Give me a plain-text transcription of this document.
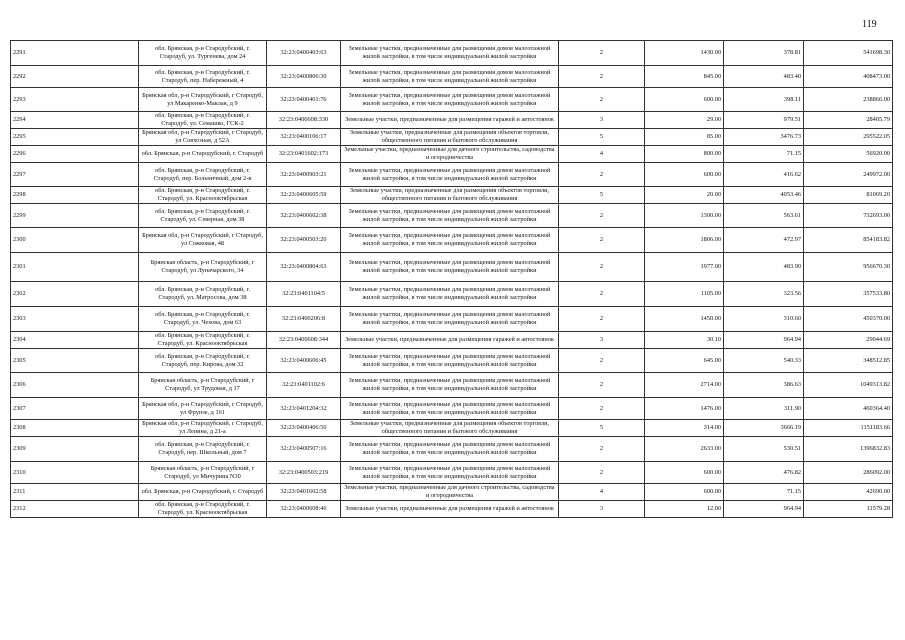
119
2291	обл. Брянская, р-н Стародубский, г. Стародуб, ул. Тургенева, дом 24	32:23:0400403:63	Земельные участки, предназначенные для размещения домов малоэтажной жилой застройки, в том числе индивидуальной жилой застройки	2	1430.00	378.81	541698.30
2292	обл. Брянская, р-н Стародубский, г. Стародуб, пер. Набережный, 4	32:23:0400806:30	Земельные участки, предназначенные для размещения домов малоэтажной жилой застройки, в том числе индивидуальной жилой застройки	2	845.00	483.40	408473.00
2293	Брянская обл, р-н Стародубский, г Стародуб, ул Макаренко-Маклая, д 9	32:23:0400401:76	Земельные участки, предназначенные для размещения домов малоэтажной жилой застройки, в том числе индивидуальной жилой застройки	2	600.00	398.11	238866.00
2294	обл. Брянская, р-н Стародубский, г. Стародуб, ул. Семашко, ГСК-2	32:23:0400608:330	Земельные участки, предназначенные для размещения гаражей и автостоянок	3	29.00	979.51	28405.79
2295	Брянская обл, р-н Стародубский, г Стародуб, ул Совхозная, д 52А	32:23:0400106:17	Земельные участки, предназначенные для размещения объектов торговли, общественного питания и бытового обслуживания	5	85.00	3476.73	295522.05
2296	обл. Брянская, р-н Стародубский, г. Стародуб	32:23:0401602:173	Земельные участки, предназначенные для дачного строительства, садоводства и огородничества	4	800.00	71.15	56920.00
2297	обл. Брянская, р-н Стародубский, г. Стародуб, пер. Больничный, дом 2-в	32:23:0400903:21	Земельные участки, предназначенные для размещения домов малоэтажной жилой застройки, в том числе индивидуальной жилой застройки	2	600.00	416.62	249972.00
2298	обл. Брянская, р-н Стародубский, г. Стародуб, ул. Краснооктябрьская	32:23:0400605:59	Земельные участки, предназначенные для размещения объектов торговли, общественного питания и бытового обслуживания	5	20.00	4053.46	81069.20
2299	обл. Брянская, р-н Стародубский, г. Стародуб, ул. Северная, дом 38	32:23:0400602:38	Земельные участки, предназначенные для размещения домов малоэтажной жилой застройки, в том числе индивидуальной жилой застройки	2	1300.00	563.61	732693.00
2300	Брянская обл, р-н Стародубский, г Стародуб, ул Сожковая, 48	32:23:0400503:20	Земельные участки, предназначенные для размещения домов малоэтажной жилой застройки, в том числе индивидуальной жилой застройки	2	1806.00	472.97	854183.82
2301	Брянская область, р-н Стародубский, г Стародуб, ул Луначарского, 34	32:23:0400804:63	Земельные участки, предназначенные для размещения домов малоэтажной жилой застройки, в том числе индивидуальной жилой застройки	2	1977.00	483.90	956670.30
2302	обл. Брянская, р-н Стародубский, г. Стародуб, ул. Матросова, дом 38	32:23:0401104:5	Земельные участки, предназначенные для размещения домов малоэтажной жилой застройки, в том числе индивидуальной жилой застройки	2	1105.00	323.56	357533.80
2303	обл. Брянская, р-н Стародубский, г. Стародуб, ул. Чехова, дом 63	32:23:0400206:8	Земельные участки, предназначенные для размещения домов малоэтажной жилой застройки, в том числе индивидуальной жилой застройки	2	1450.00	310.60	450370.00
2304	обл. Брянская, р-н Стародубский, г. Стародуб, ул. Краснооктябрьская	32:23:0400608:344	Земельные участки, предназначенные для размещения гаражей и автостоянок	3	30.10	964.94	29044.69
2305	обл. Брянская, р-н Стародубский, г. Стародуб, пер. Кирова, дом 32	32:23:0400606:45	Земельные участки, предназначенные для размещения домов малоэтажной жилой застройки, в том числе индивидуальной жилой застройки	2	645.00	540.33	348512.85
2306	Брянская область, р-н Стародубский, г Стародуб, ул Трудовая, д 17	32:23:0401102:6	Земельные участки, предназначенные для размещения домов малоэтажной жилой застройки, в том числе индивидуальной жилой застройки	2	2714.00	386.63	1049313.82
2307	Брянская обл, р-н Стародубский, г Стародуб, ул Фрунзе, д 161	32:23:0401204:32	Земельные участки, предназначенные для размещения домов малоэтажной жилой застройки, в том числе индивидуальной жилой застройки	2	1476.00	311.90	460364.40
2308	Брянская обл, р-н Стародубский, г Стародуб, ул Ленина, д 21-а	32:23:0400406:50	Земельные участки, предназначенные для размещения объектов торговли, общественного питания и бытового обслуживания	5	314.00	3666.19	1151183.66
2309	обл. Брянская, р-н Стародубский, г. Стародуб, пер. Школьный, дом 7	32:23:0400507:16	Земельные участки, предназначенные для размещения домов малоэтажной жилой застройки, в том числе индивидуальной жилой застройки	2	2633.00	530.51	1396832.83
2310	Брянская область, р-н Стародубский, г Стародуб, ул Мичурина N30	32:23:0400503:219	Земельные участки, предназначенные для размещения домов малоэтажной жилой застройки, в том числе индивидуальной жилой застройки	2	600.00	476.82	286092.00
2311	обл. Брянская, р-н Стародубский, г. Стародуб	32:23:0401602:58	Земельные участки, предназначенные для дачного строительства, садоводства и огородничества	4	600.00	71.15	42690.00
2312	обл. Брянская, р-н Стародубский, г. Стародуб, ул. Краснооктябрьская	32:23:0400608:46	Земельные участки, предназначенные для размещения гаражей и автостоянок	3	12.00	964.94	11579.28
